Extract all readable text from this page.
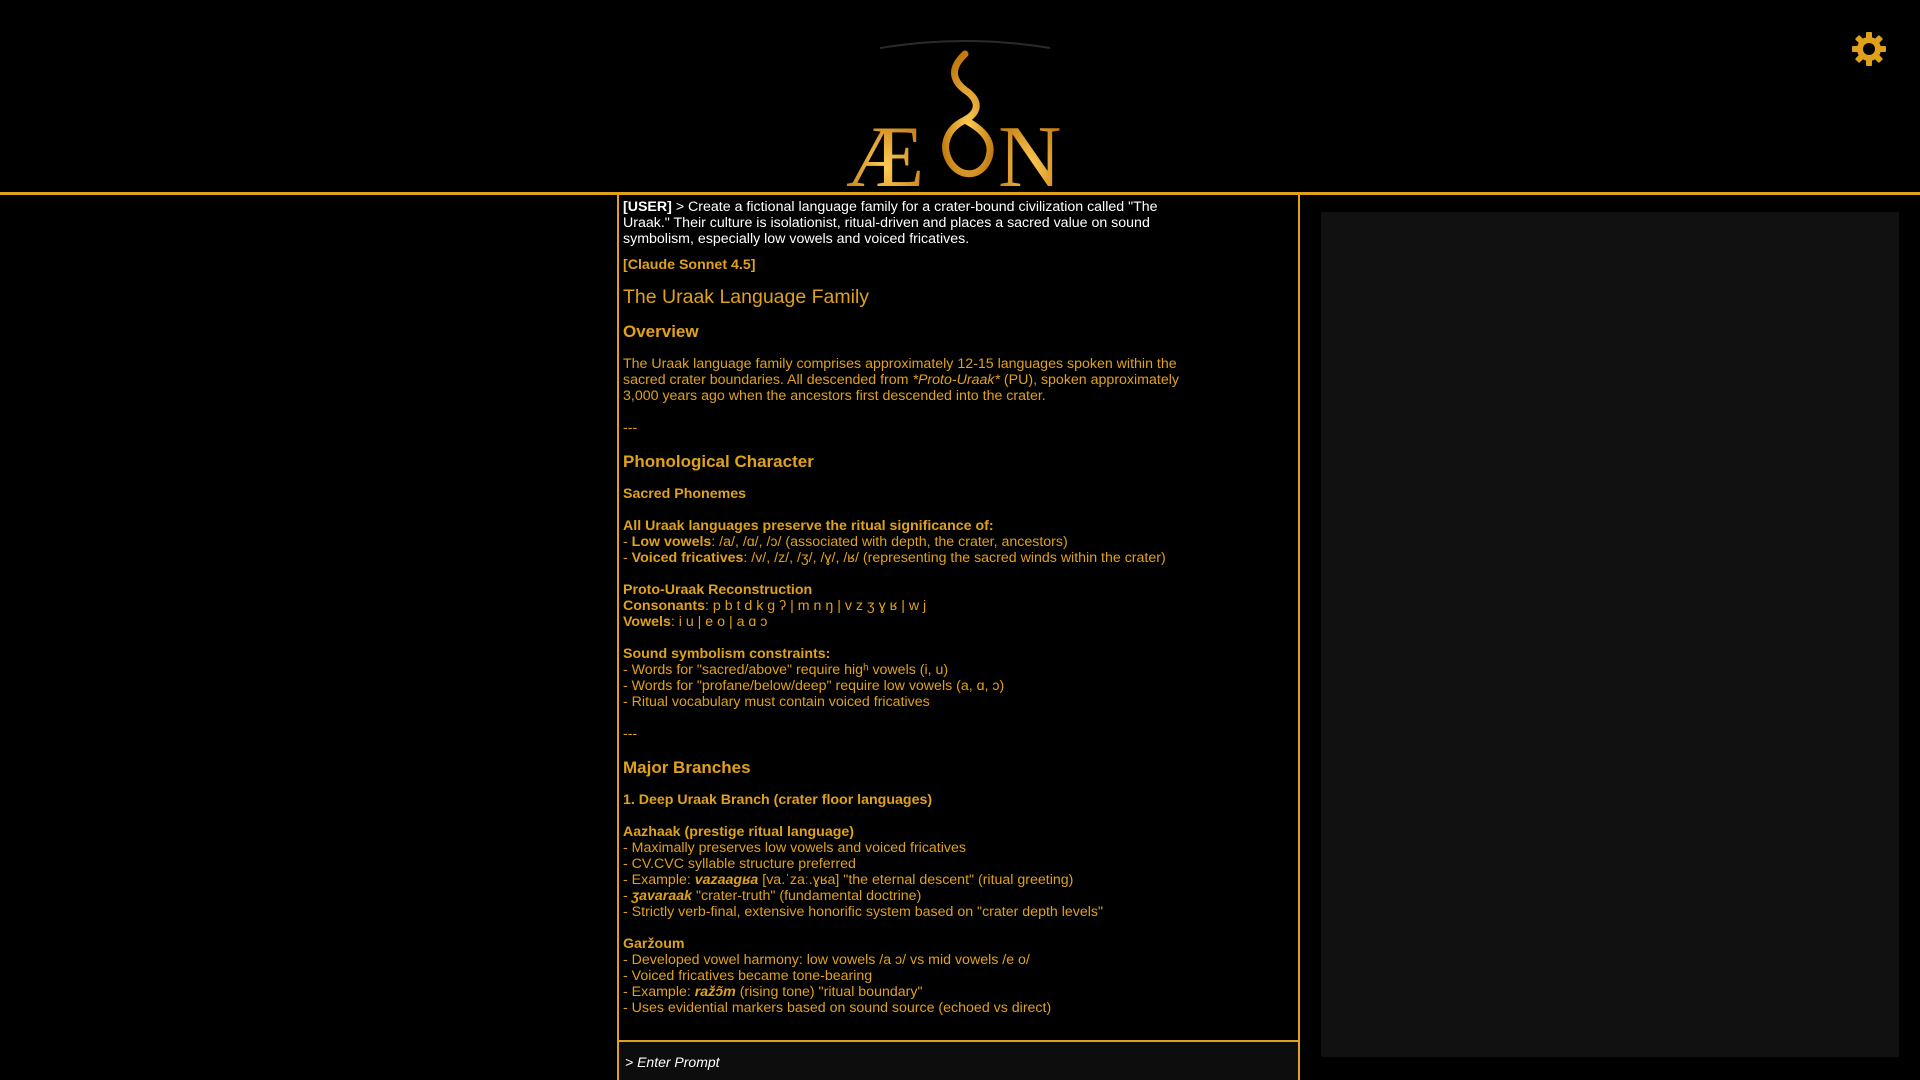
Æ N
ÆON
[USER] > Create a fictional language family for a crater-bound civilization called "The Uraak." Their culture is isolationist, ritual-driven and places a sacred value on sound symbolism, especially low vowels and voiced fricatives.
[Claude Sonnet 4.5]
The Uraak Language Family
Overview
The Uraak language family comprises approximately 12-15 languages spoken within the sacred crater boundaries. All descended from *Proto-Uraak* (PU), spoken approximately 3,000 years ago when the ancestors first descended into the crater.
---
Phonological Character
Sacred Phonemes
All Uraak languages preserve the ritual significance of:
- Low vowels: /a/, /ɑ/, /ɔ/ (associated with depth, the crater, ancestors)
- Voiced fricatives: /v/, /z/, /ʒ/, /ɣ/, /ʁ/ (representing the sacred winds within the crater)
Proto-Uraak Reconstruction
Consonants: p b t d k g ʔ | m n ŋ | v z ʒ ɣ ʁ | w j
Vowels: i u | e o | a ɑ ɔ
Sound symbolism constraints:
- Words for "sacred/above" require higʰ vowels (i, u)
- Words for "profane/below/deep" require low vowels (a, ɑ, ɔ)
- Ritual vocabulary must contain voiced fricatives
---
Major Branches
1. Deep Uraak Branch (crater floor languages)
Aazhaak (prestige ritual language)
- Maximally preserves low vowels and voiced fricatives
- CV.CVC syllable structure preferred
- Example: vazaagʁa [va.ˈzaː.ɣʁa] "the eternal descent" (ritual greeting)
- ʒavaraak "crater-truth" (fundamental doctrine)
- Strictly verb-final, extensive honorific system based on "crater depth levels"
Garžoum
- Developed vowel harmony: low vowels /a ɔ/ vs mid vowels /e o/
- Voiced fricatives became tone-bearing
- Example: ražɔ̃m (rising tone) "ritual boundary"
- Uses evidential markers based on sound source (echoed vs direct)
> Enter Prompt
